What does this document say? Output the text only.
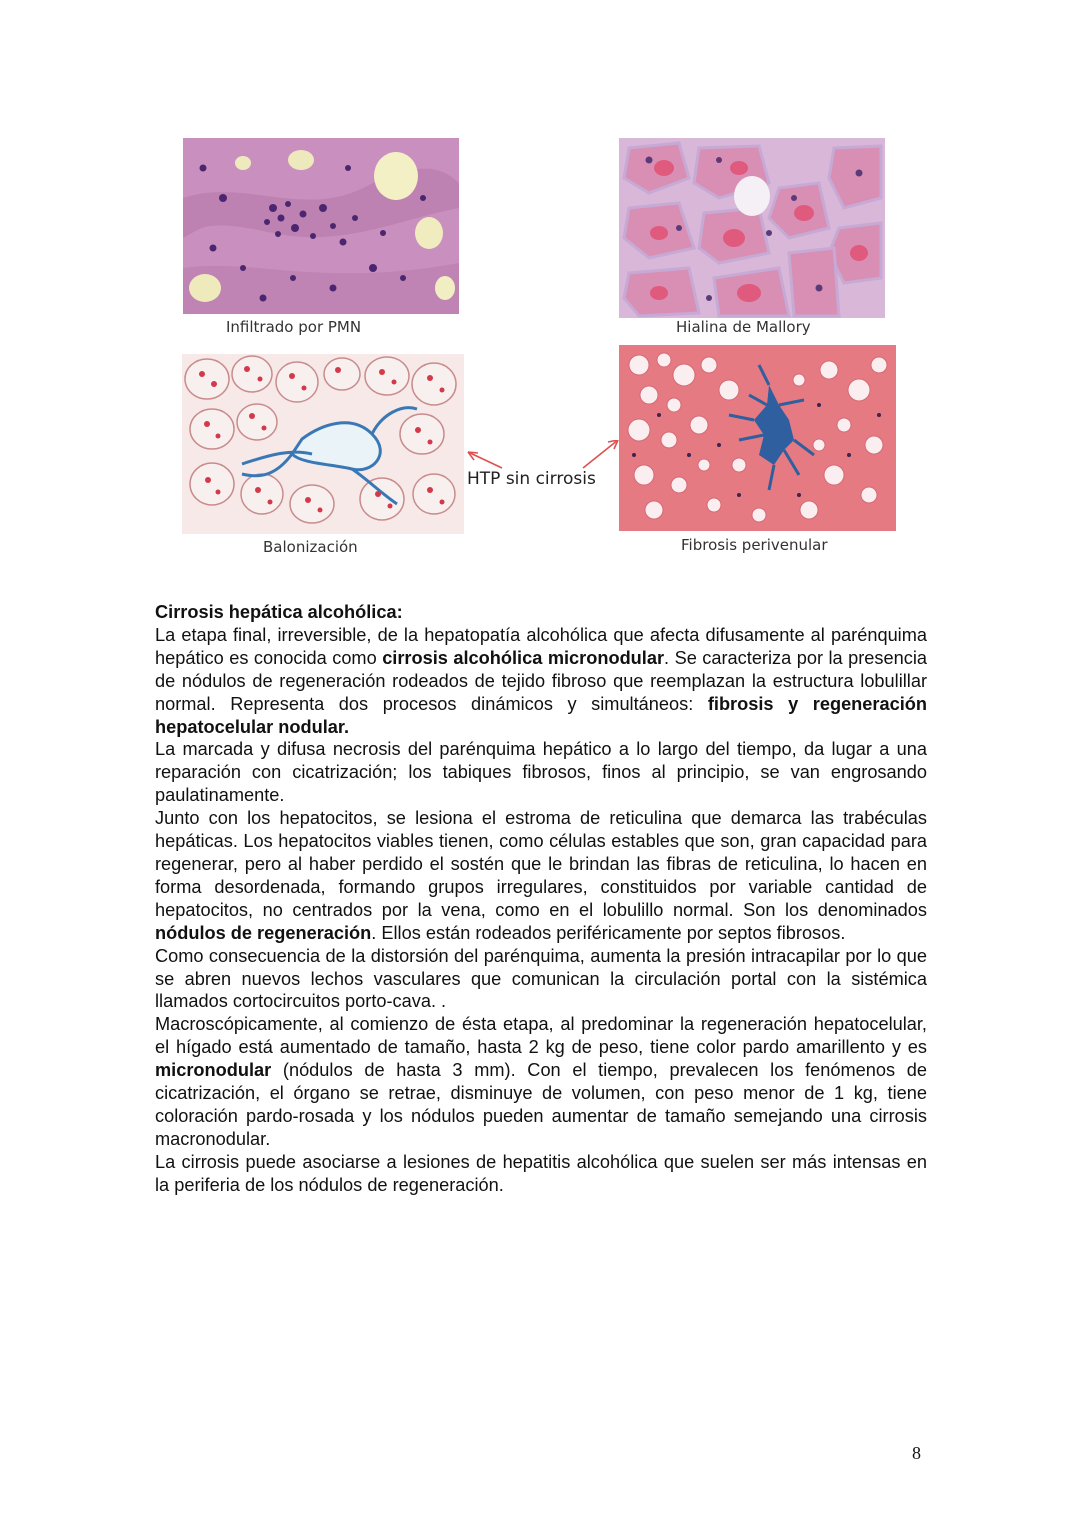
Infiltrado por PMN	Hialina de Mallory
Balonización	Fibrosis perivenular
HTP sin cirrosis

Cirrosis hepática alcohólica:

La etapa final, irreversible, de la hepatopatía alcohólica que afecta difusamente al parénquima hepático es conocida como cirrosis alcohólica micronodular. Se caracteriza por la presencia de nódulos de regeneración rodeados de tejido fibroso que reemplazan la estructura lobulillar normal. Representa dos procesos dinámicos y simultáneos: fibrosis y regeneración hepatocelular nodular.

La marcada y difusa necrosis del parénquima hepático a lo largo del tiempo, da lugar a una reparación con cicatrización; los tabiques fibrosos, finos al principio, se van engrosando paulatinamente.

Junto con los hepatocitos, se lesiona el estroma de reticulina que demarca las trabéculas hepáticas. Los hepatocitos viables tienen, como células estables que son, gran capacidad para regenerar, pero al haber perdido el sostén que le brindan las fibras de reticulina, lo hacen en forma desordenada, formando grupos irregulares, constituidos por variable cantidad de hepatocitos, no centrados por la vena, como en el lobulillo normal. Son los denominados nódulos de regeneración. Ellos están rodeados periféricamente por septos fibrosos.

Como consecuencia de la distorsión del parénquima, aumenta la presión intracapilar por lo que se abren nuevos lechos vasculares que comunican la circulación portal con la sistémica llamados cortocircuitos porto-cava. .

Macroscópicamente, al comienzo de ésta etapa, al predominar la regeneración hepatocelular, el hígado está aumentado de tamaño, hasta 2 kg de peso, tiene color pardo amarillento y es micronodular (nódulos de hasta 3 mm). Con el tiempo, prevalecen los fenómenos de cicatrización, el órgano se retrae, disminuye de volumen, con peso menor de 1 kg, tiene coloración pardo-rosada y los nódulos pueden aumentar de tamaño semejando una cirrosis macronodular.

La cirrosis puede asociarse a lesiones de hepatitis alcohólica que suelen ser más intensas en la periferia de los nódulos de regeneración.

8
